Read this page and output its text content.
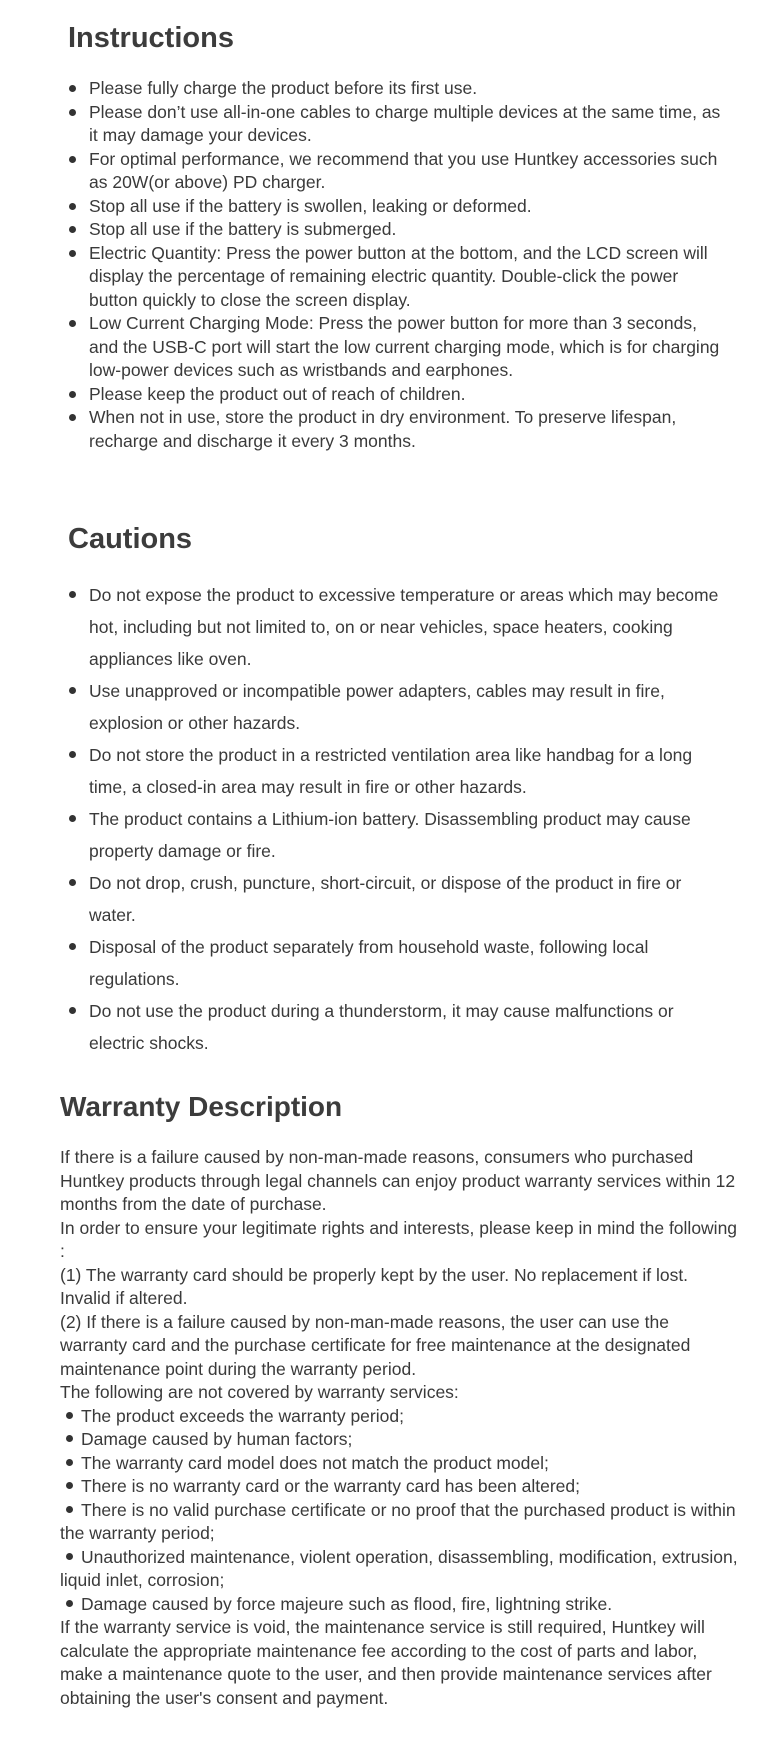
Instructions
Please fully charge the product before its first use.
Please don’t use all-in-one cables to charge multiple devices at the same time, as it may damage your devices.
For optimal performance, we recommend that you use Huntkey accessories such as 20W(or above) PD charger.
Stop all use if the battery is swollen, leaking or deformed.
Stop all use if the battery is submerged.
Electric Quantity: Press the power button at the bottom, and the LCD screen will display the percentage of remaining electric quantity. Double-click the power button quickly to close the screen display.
Low Current Charging Mode: Press the power button for more than 3 seconds, and the USB-C port will start the low current charging mode, which is for charging low-power devices such as wristbands and earphones.
Please keep the product out of reach of children.
When not in use, store the product in dry environment. To preserve lifespan, recharge and discharge it every 3 months.
Cautions
Do not expose the product to excessive temperature or areas which may become hot, including but not limited to, on or near vehicles, space heaters, cooking appliances like oven.
Use unapproved or incompatible power adapters, cables may result in fire, explosion or other hazards.
Do not store the product in a restricted ventilation area like handbag for a long time, a closed-in area may result in fire or other hazards.
The product contains a Lithium-ion battery. Disassembling product may cause property damage or fire.
Do not drop, crush, puncture, short-circuit, or dispose of the product in fire or water.
Disposal of the product separately from household waste, following local regulations.
Do not use the product during a thunderstorm, it may cause malfunctions or electric shocks.
Warranty Description

If there is a failure caused by non-man-made reasons, consumers who purchased Huntkey products through legal channels can enjoy product warranty services within 12 months from the date of purchase.

In order to ensure your legitimate rights and interests, please keep in mind the following :

(1) The warranty card should be properly kept by the user. No replacement if lost. Invalid if altered.

(2) If there is a failure caused by non-man-made reasons, the user can use the warranty card and the purchase certificate for free maintenance at the designated maintenance point during the warranty period.

The following are not covered by warranty services:

The product exceeds the warranty period;

Damage caused by human factors;

The warranty card model does not match the product model;

There is no warranty card or the warranty card has been altered;

There is no valid purchase certificate or no proof that the purchased product is within the warranty period;

Unauthorized maintenance, violent operation, disassembling, modification, extrusion, liquid inlet, corrosion;

Damage caused by force majeure such as flood, fire, lightning strike.

If the warranty service is void, the maintenance service is still required, Huntkey will calculate the appropriate maintenance fee according to the cost of parts and labor, make a maintenance quote to the user, and then provide maintenance services after obtaining the user's consent and payment.
